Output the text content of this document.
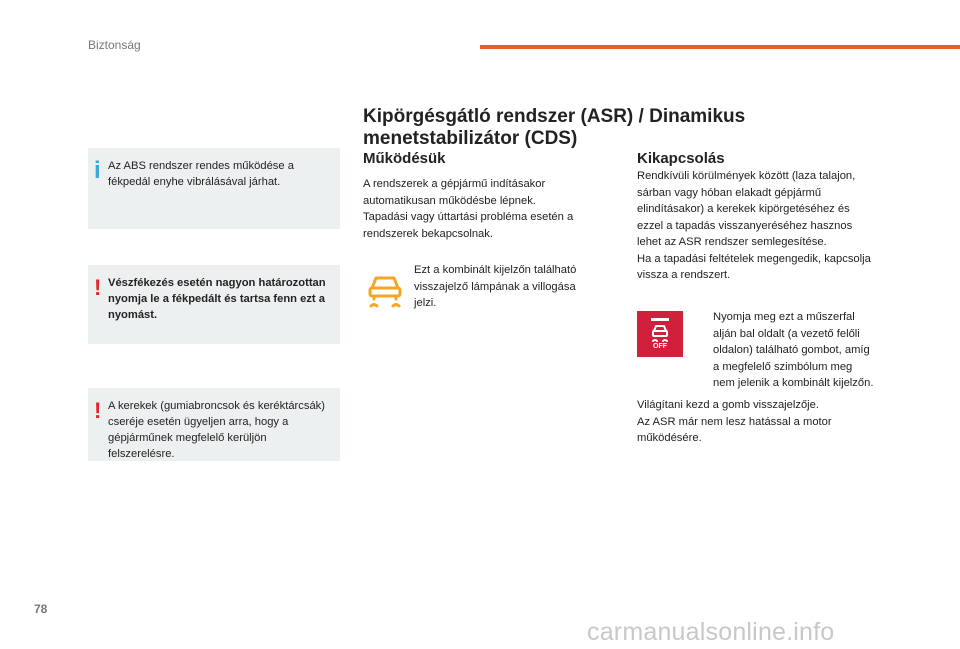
Biztonság
i Az ABS rendszer rendes működése a fékpedál enyhe vibrálásával járhat.
! Vészfékezés esetén nagyon határozottan nyomja le a fékpedált és tartsa fenn ezt a nyomást.
! A kerekek (gumiabroncsok és keréktárcsák) cseréje esetén ügyeljen arra, hogy a gépjárműnek megfelelő kerüljön felszerelésre.
Kipörgésgátló rendszer (ASR) / Dinamikus menetstabilizátor (CDS)
Működésük
A rendszerek a gépjármű indításakor
automatikusan működésbe lépnek.
Tapadási vagy úttartási probléma esetén a
rendszerek bekapcsolnak.
Ezt a kombinált kijelzőn található
visszajelző lámpának a villogása
jelzi.
Kikapcsolás
Rendkívüli körülmények között (laza talajon,
sárban vagy hóban elakadt gépjármű
elindításakor) a kerekek kipörgetéséhez és
ezzel a tapadás visszanyeréséhez hasznos
lehet az ASR rendszer semlegesítése.
Ha a tapadási feltételek megengedik, kapcsolja
vissza a rendszert.
OFF
Nyomja meg ezt a műszerfal
alján bal oldalt (a vezető felőli
oldalon) található gombot, amíg
a megfelelő szimbólum meg
nem jelenik a kombinált kijelzőn.
Világítani kezd a gomb visszajelzője.
Az ASR már nem lesz hatással a motor
működésére.
78
carmanualsonline.info
